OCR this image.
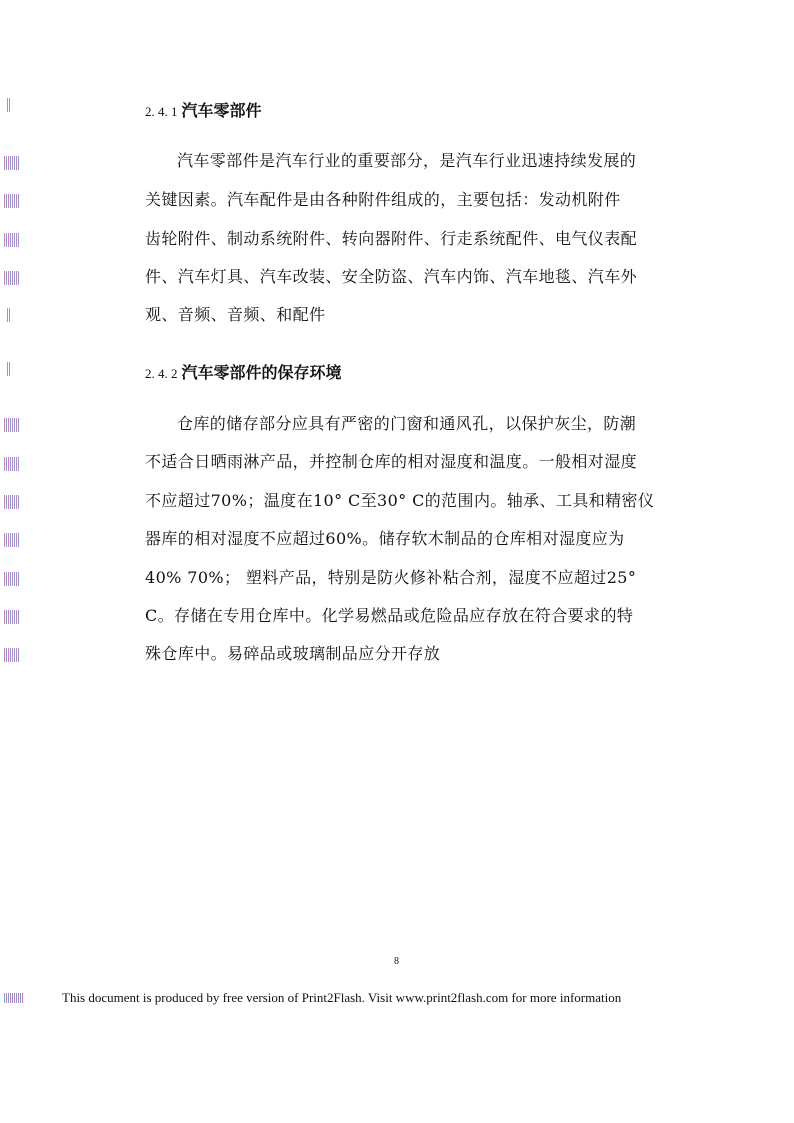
2. 4. 1 汽车零部件
汽车零部件是汽车行业的重要部分，是汽车行业迅速持续发展的
关键因素。汽车配件是由各种附件组成的，主要包括：发动机附件
齿轮附件、制动系统附件、转向器附件、行走系统配件、电气仪表配
件、汽车灯具、汽车改装、安全防盗、汽车内饰、汽车地毯、汽车外
观、音频、音频、和配件
2. 4. 2 汽车零部件的保存环境
仓库的储存部分应具有严密的门窗和通风孔，以保护灰尘，防潮
不适合日晒雨淋产品，并控制仓库的相对湿度和温度。一般相对湿度
不应超过70%；温度在10° C至30° C的范围内。轴承、工具和精密仪
器库的相对湿度不应超过60%。储存软木制品的仓库相对湿度应为
40% 70%； 塑料产品，特别是防火修补粘合剂，湿度不应超过25°
C。存储在专用仓库中。化学易燃品或危险品应存放在符合要求的特
殊仓库中。易碎品或玻璃制品应分开存放
8
This document is produced by free version of Print2Flash. Visit www.print2flash.com for more information
